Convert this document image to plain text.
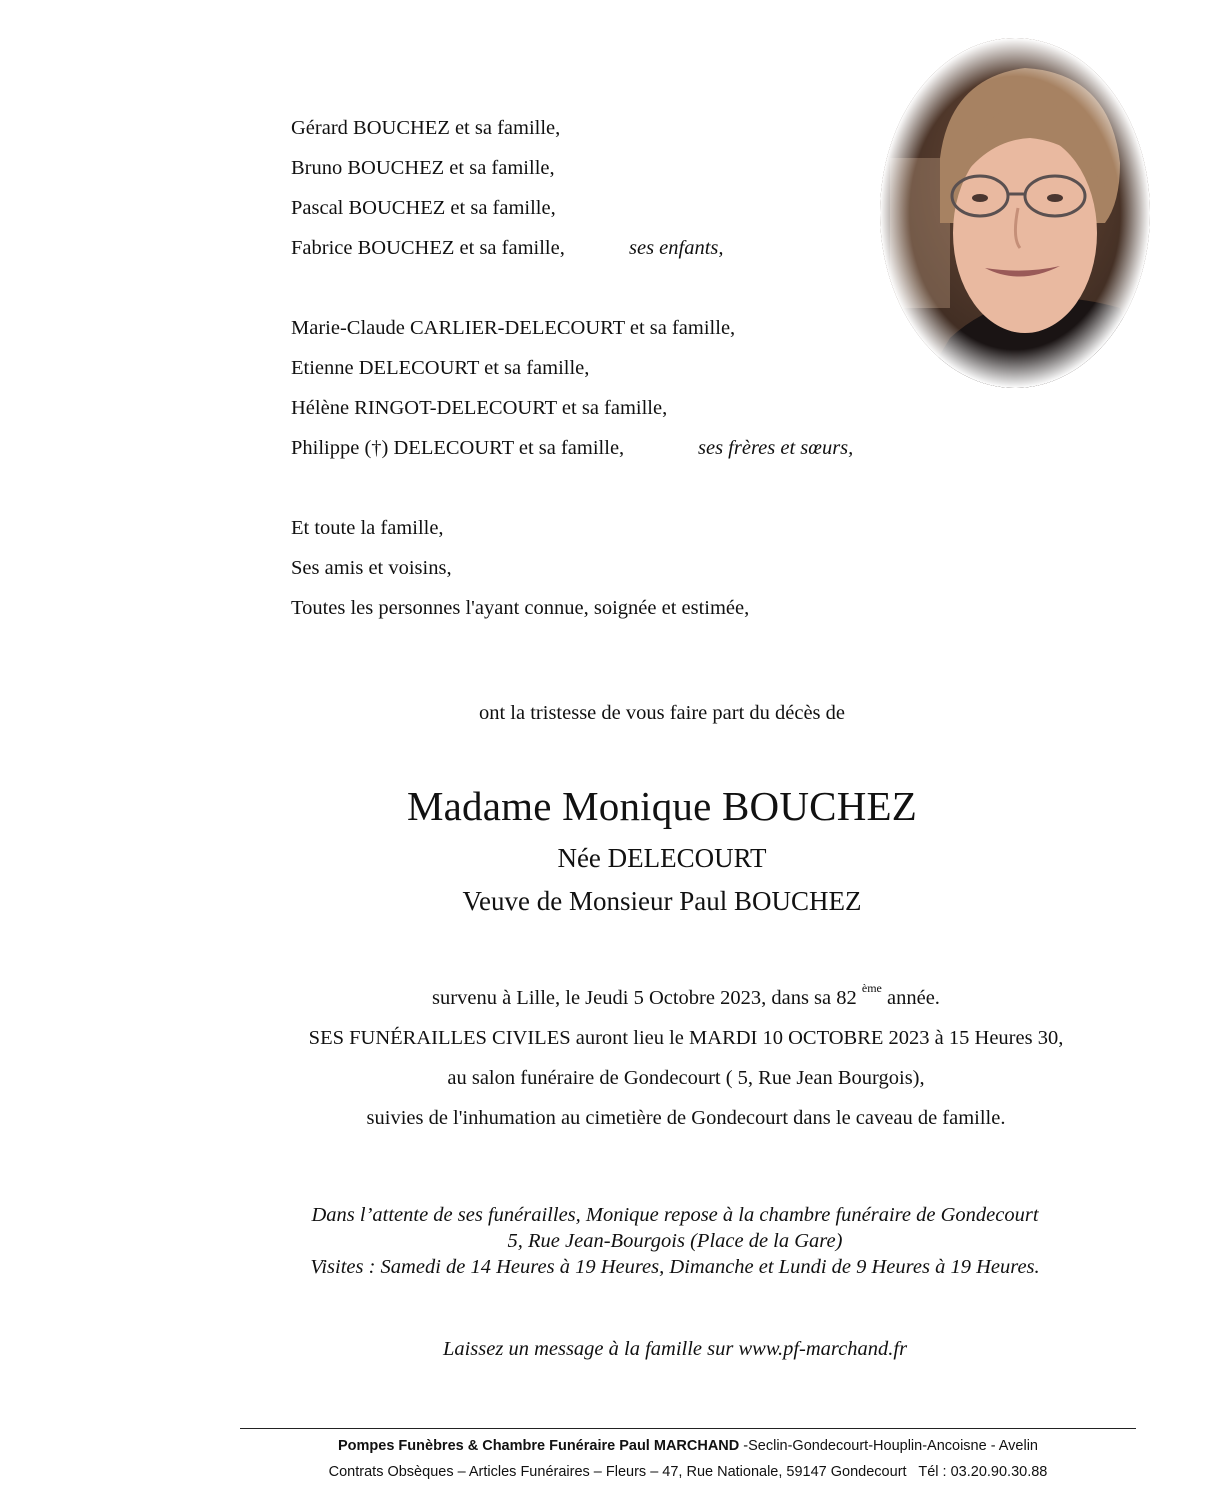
Gérard BOUCHEZ et sa famille,
Bruno BOUCHEZ et sa famille,
Pascal BOUCHEZ et sa famille,
Fabrice BOUCHEZ et sa famille,	ses enfants,
Marie-Claude CARLIER-DELECOURT et sa famille,
Etienne DELECOURT et sa famille,
Hélène RINGOT-DELECOURT et sa famille,
Philippe (†) DELECOURT et sa famille,	ses frères et sœurs,
Et toute la famille,
Ses amis et voisins,
Toutes les personnes l'ayant connue, soignée et estimée,
ont la tristesse de vous faire part du décès de
Madame Monique BOUCHEZ
Née DELECOURT
Veuve de Monsieur Paul BOUCHEZ
survenu à Lille, le Jeudi 5 Octobre 2023, dans sa 82 $^{ème}$ année.
SES FUNÉRAILLES CIVILES auront lieu le MARDI 10 OCTOBRE 2023 à 15 Heures 30,
au salon funéraire de Gondecourt ( 5, Rue Jean Bourgois),
suivies de l'inhumation au cimetière de Gondecourt dans le caveau de famille.
Dans l’attente de ses funérailles, Monique repose à la chambre funéraire de Gondecourt
5, Rue Jean-Bourgois (Place de la Gare)
Visites : Samedi de 14 Heures à 19 Heures, Dimanche et Lundi de 9 Heures à 19 Heures.
Laissez un message à la famille sur www.pf-marchand.fr
Pompes Funèbres & Chambre Funéraire Paul MARCHAND -Seclin-Gondecourt-Houplin-Ancoisne - Avelin
Contrats Obsèques – Articles Funéraires – Fleurs – 47, Rue Nationale, 59147 Gondecourt   Tél : 03.20.90.30.88
